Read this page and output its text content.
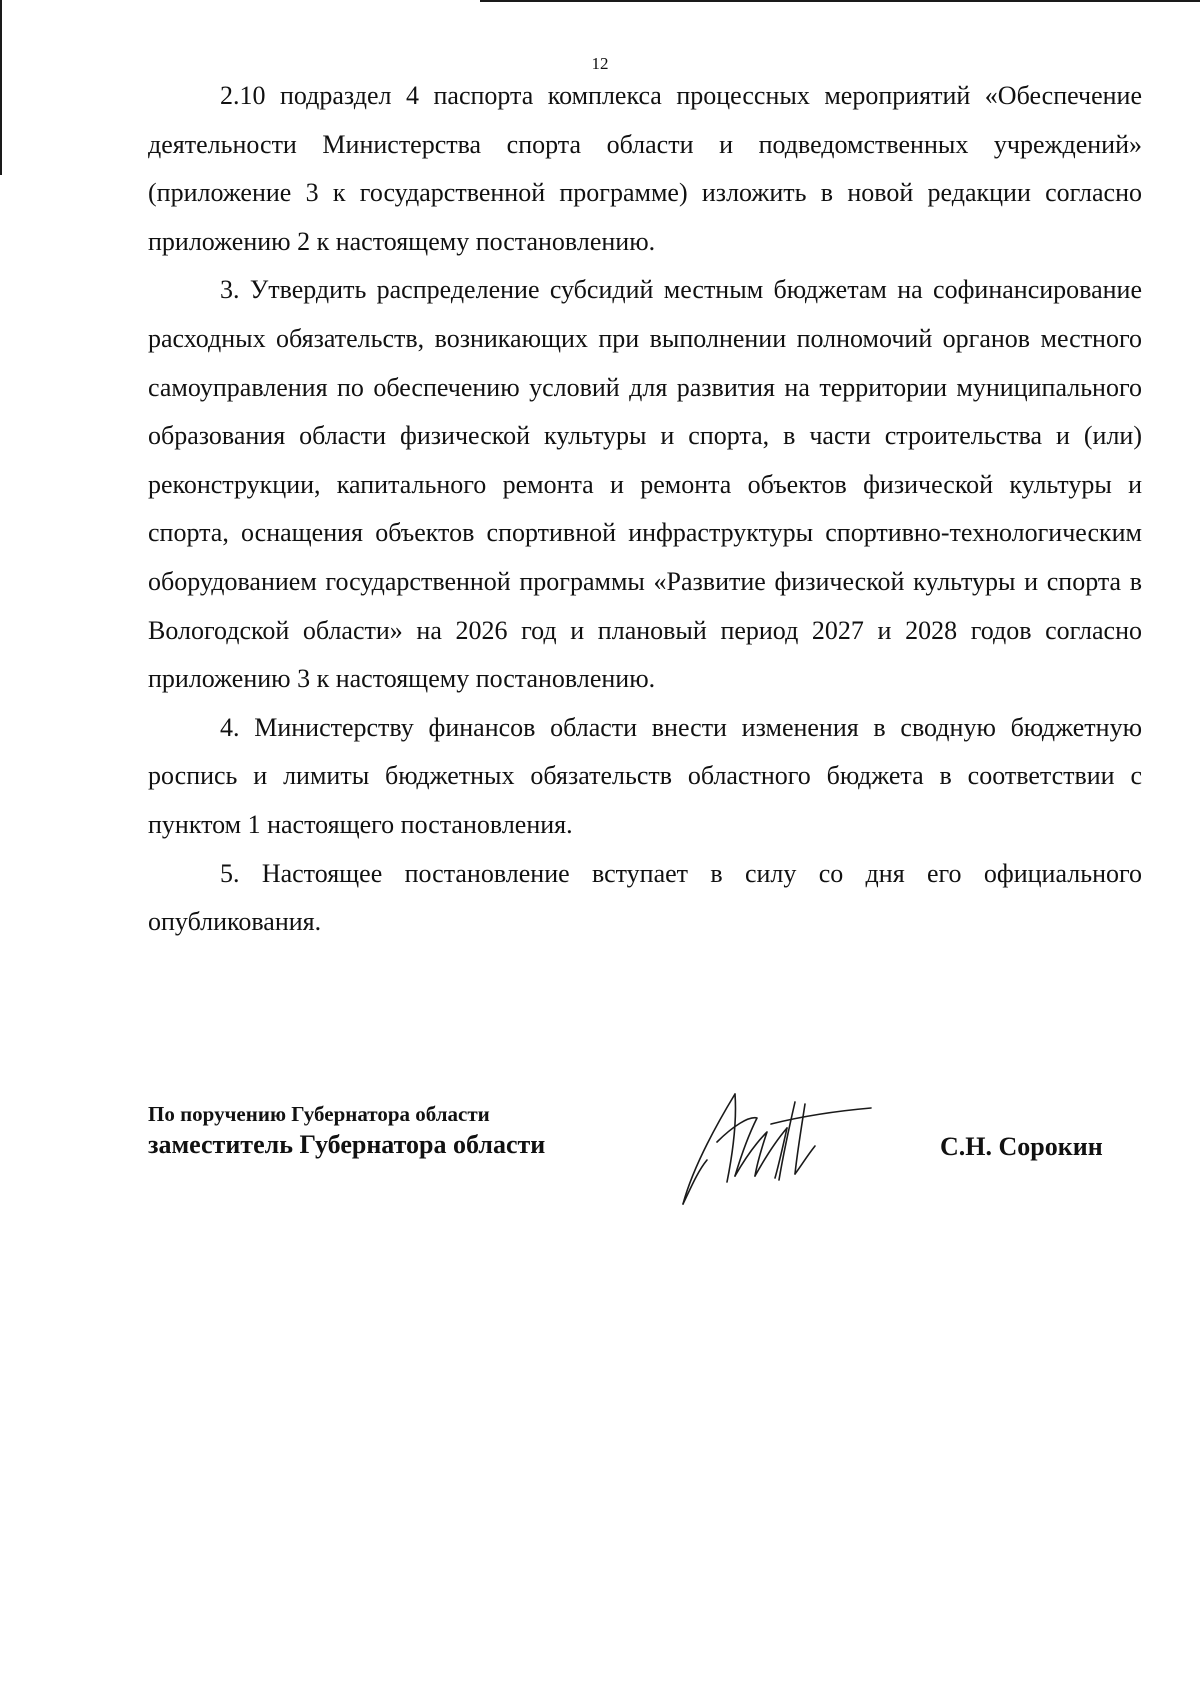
12

2.10 подраздел 4 паспорта комплекса процессных мероприятий «Обеспечение деятельности Министерства спорта области и подведомственных учреждений» (приложение 3 к государственной программе) изложить в новой редакции согласно приложению 2 к настоящему постановлению.

3. Утвердить распределение субсидий местным бюджетам на софинансирование расходных обязательств, возникающих при выполнении полномочий органов местного самоуправления по обеспечению условий для развития на территории муниципального образования области физической культуры и спорта, в части строительства и (или) реконструкции, капитального ремонта и ремонта объектов физической культуры и спорта, оснащения объектов спортивной инфраструктуры спортивно-технологическим оборудованием государственной программы «Развитие физической культуры и спорта в Вологодской области» на 2026 год и плановый период 2027 и 2028 годов согласно приложению 3 к настоящему постановлению.

4. Министерству финансов области внести изменения в сводную бюджетную роспись и лимиты бюджетных обязательств областного бюджета в соответствии с пунктом 1 настоящего постановления.

5. Настоящее постановление вступает в силу со дня его официального опубликования.

По поручению Губернатора области
заместитель Губернатора области	С.Н. Сорокин
